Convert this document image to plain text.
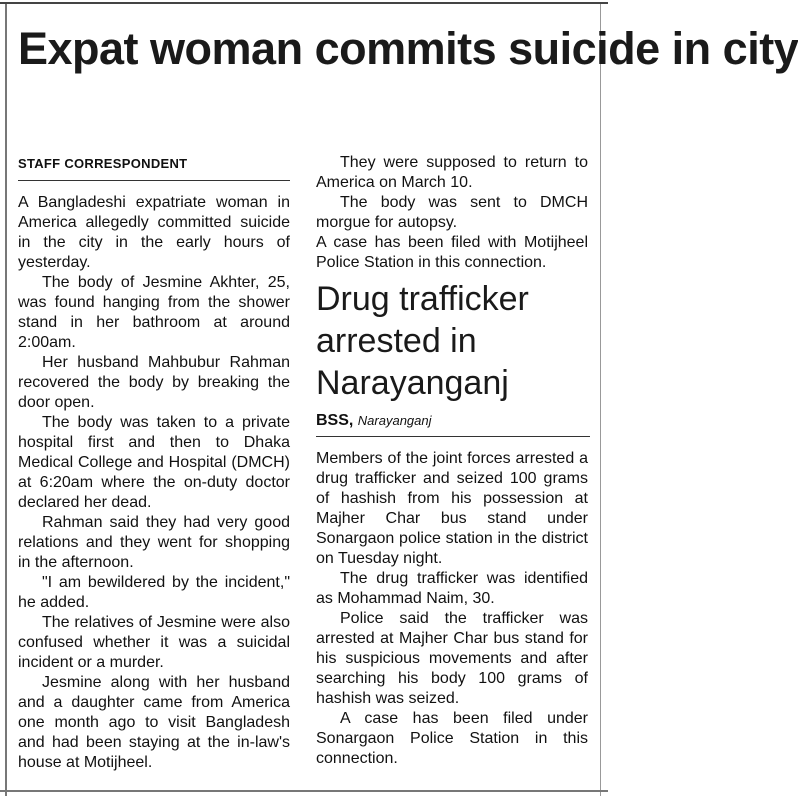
Expat woman commits suicide in city
STAFF CORRESPONDENT

A Bangladeshi expatriate woman in America allegedly committed suicide in the city in the early hours of yesterday.

The body of Jesmine Akhter, 25, was found hanging from the shower stand in her bathroom at around 2:00am.

Her husband Mahbubur Rahman recovered the body by breaking the door open.

The body was taken to a private hospital first and then to Dhaka Medical College and Hospital (DMCH) at 6:20am where the on-duty doctor declared her dead.

Rahman said they had very good relations and they went for shopping in the afternoon.

"I am bewildered by the incident," he added.

The relatives of Jesmine were also confused whether it was a suicidal incident or a murder.

Jesmine along with her husband and a daughter came from America one month ago to visit Bangladesh and had been staying at the in-law's house at Motijheel.

They were supposed to return to America on March 10.

The body was sent to DMCH morgue for autopsy.

A case has been filed with Motijheel Police Station in this connection.

Drug trafficker arrested in Narayanganj
BSS, Narayanganj

Members of the joint forces arrested a drug trafficker and seized 100 grams of hashish from his possession at Majher Char bus stand under Sonargaon police station in the district on Tuesday night.

The drug trafficker was identified as Mohammad Naim, 30.

Police said the trafficker was arrested at Majher Char bus stand for his suspicious movements and after searching his body 100 grams of hashish was seized.

A case has been filed under Sonargaon Police Station in this connection.
